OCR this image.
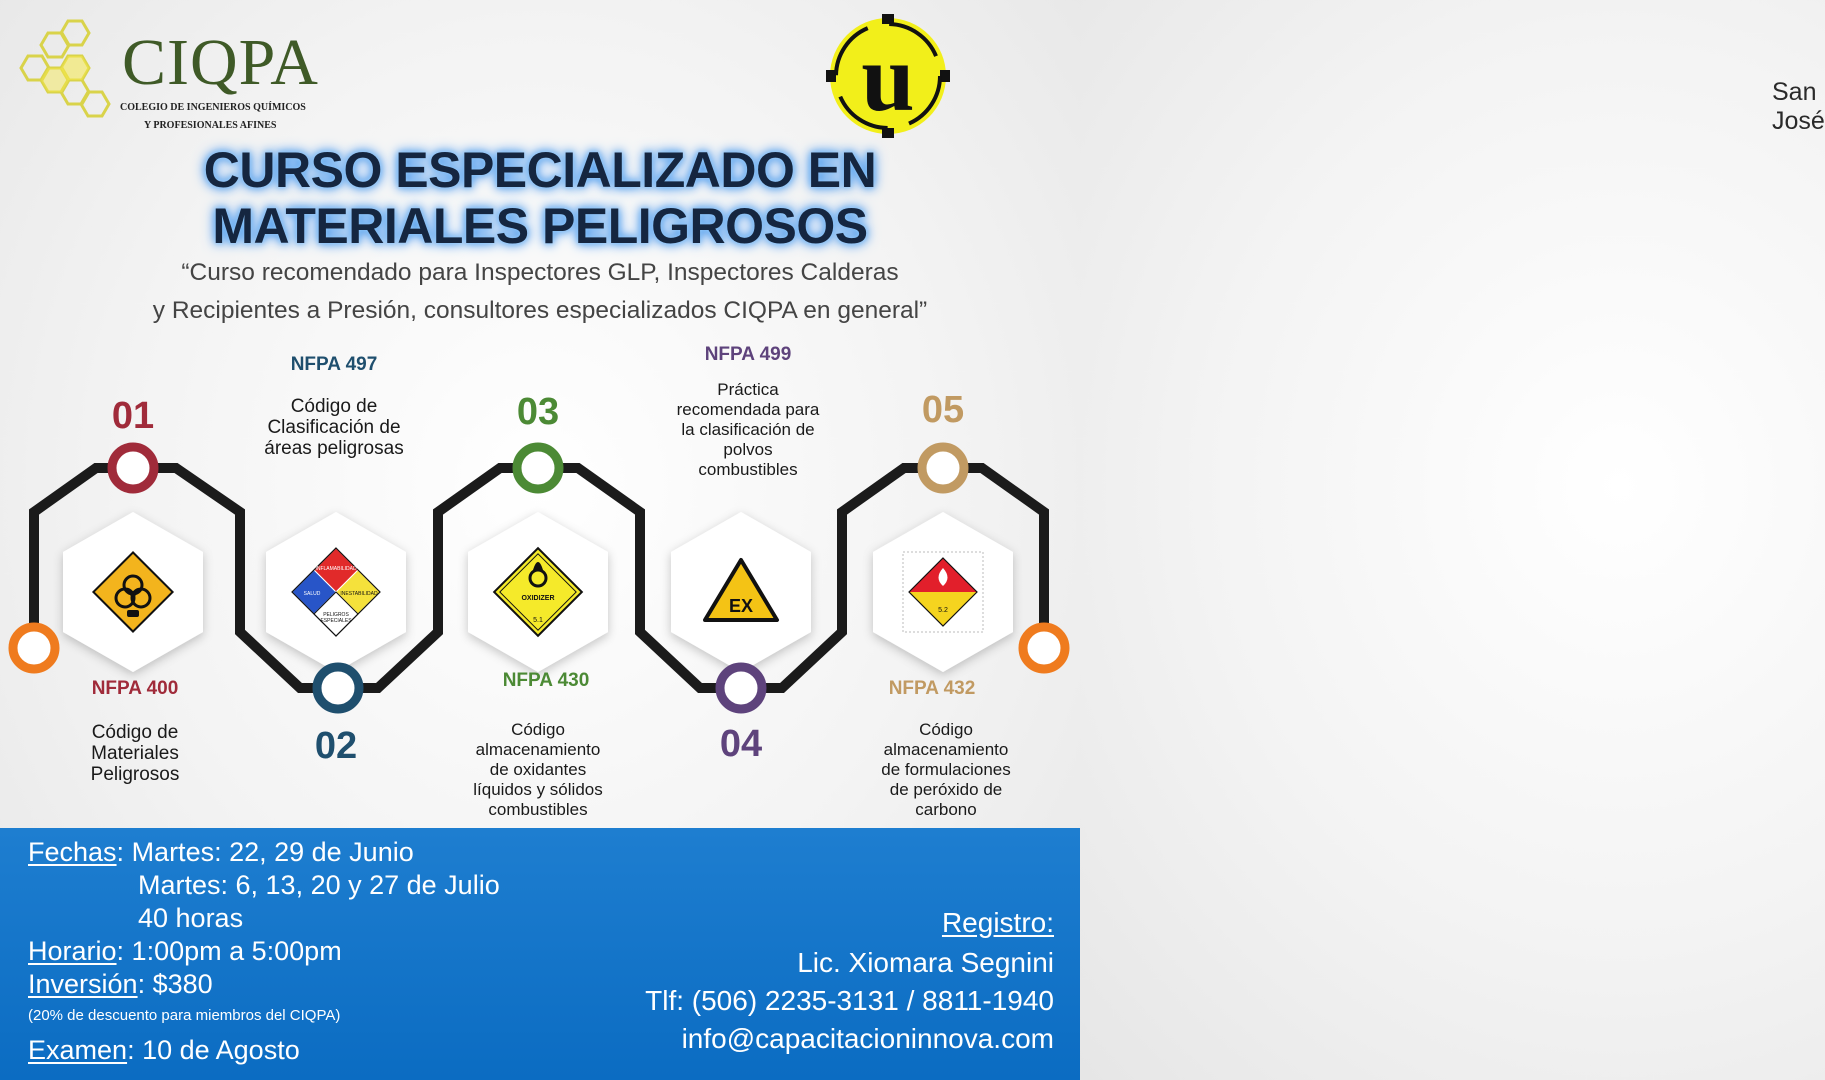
CIQPA
COLEGIO DE INGENIEROS QUÍMICOS
Y PROFESIONALES AFINES	u	San José
CURSO ESPECIALIZADO EN
MATERIALES PELIGROSOS
“Curso recomendado para Inspectores GLP, Inspectores Calderas
y Recipientes a Presión, consultores especializados CIQPA en general”
INFLAMABILIDAD
SALUD	INESTABILIDAD
PELIGROS
ESPECIALES
OXIDIZER
5.1
EX	5.2
01
02
03
04
05
NFPA 400
Código de
Materiales
Peligrosos
NFPA 497
Código de
Clasificación de
áreas peligrosas
NFPA 430
Código
almacenamiento
de oxidantes
líquidos y sólidos
combustibles
NFPA 499
Práctica
recomendada para
la clasificación de
polvos
combustibles
NFPA 432
Código
almacenamiento
de formulaciones
de peróxido de
carbono
Fechas: Martes: 22, 29 de Junio
Martes: 6, 13, 20 y 27 de Julio
40 horas
Horario: 1:00pm a 5:00pm
Inversión: $380
(20% de descuento para miembros del CIQPA)
Examen: 10 de Agosto
Registro:
Lic. Xiomara Segnini
Tlf: (506) 2235-3131 / 8811-1940
info@capacitacioninnova.com
